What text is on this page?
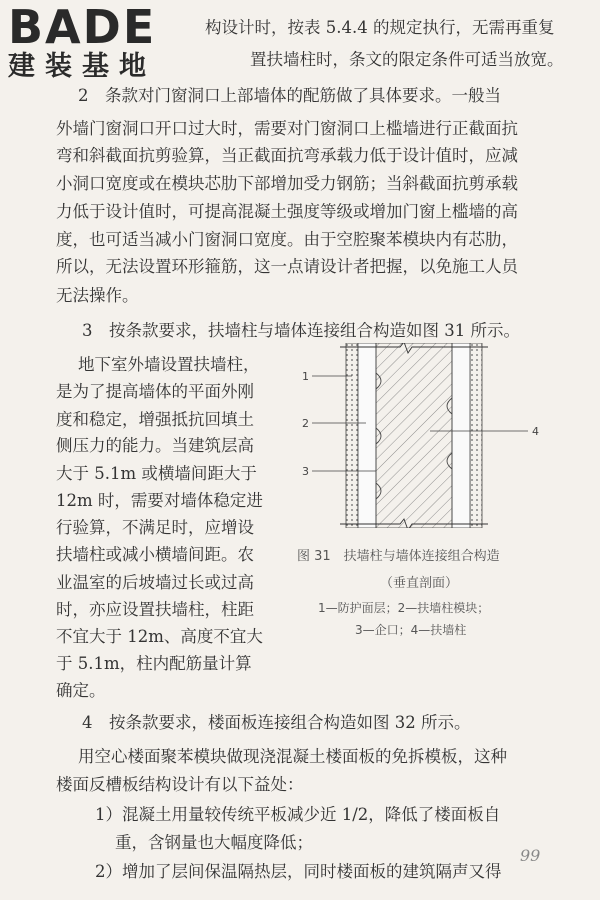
BADE
建装基地
构设计时，按表 5.4.4 的规定执行，无需再重复
置扶墙柱时，条文的限定条件可适当放宽。
2　条款对门窗洞口上部墙体的配筋做了具体要求。一般当
外墙门窗洞口开口过大时，需要对门窗洞口上槛墙进行正截面抗
弯和斜截面抗剪验算，当正截面抗弯承载力低于设计值时，应减
小洞口宽度或在模块芯肋下部增加受力钢筋；当斜截面抗剪承载
力低于设计值时，可提高混凝土强度等级或增加门窗上槛墙的高
度，也可适当减小门窗洞口宽度。由于空腔聚苯模块内有芯肋，
所以，无法设置环形箍筋，这一点请设计者把握，以免施工人员
无法操作。
3　按条款要求，扶墙柱与墙体连接组合构造如图 31 所示。
地下室外墙设置扶墙柱，
是为了提高墙体的平面外刚
度和稳定，增强抵抗回填土
侧压力的能力。当建筑层高
大于 5.1m 或横墙间距大于
12m 时，需要对墙体稳定进
行验算，不满足时，应增设
扶墙柱或减小横墙间距。农
业温室的后坡墙过长或过高
时，亦应设置扶墙柱，柱距
不宜大于 12m、高度不宜大
于 5.1m，柱内配筋量计算
确定。
4　按条款要求，楼面板连接组合构造如图 32 所示。
用空心楼面聚苯模块做现浇混凝土楼面板的免拆模板，这种
楼面反槽板结构设计有以下益处：
1）混凝土用量较传统平板减少近 1/2，降低了楼面板自
重，含钢量也大幅度降低；
2）增加了层间保温隔热层，同时楼面板的建筑隔声又得
1
2
3
4
图 31　扶墙柱与墙体连接组合构造
（垂直剖面）
1—防护面层；2—扶墙柱模块；
3—企口；4—扶墙柱
99
